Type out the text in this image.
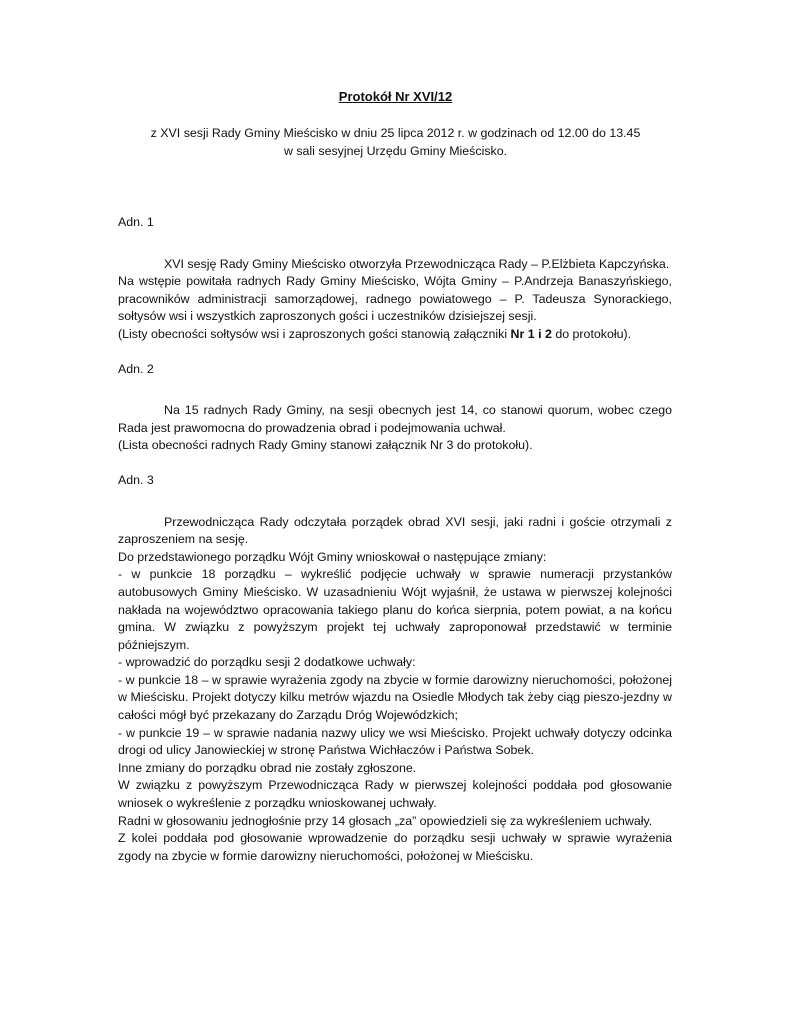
Protokół Nr XVI/12

z XVI sesji Rady Gminy Mieścisko w dniu 25 lipca 2012 r. w godzinach od 12.00 do 13.45
w sali sesyjnej Urzędu Gminy Mieścisko.

Adn. 1

XVI sesję Rady Gminy Mieścisko otworzyła Przewodnicząca Rady – P.Elżbieta Kapczyńska.

Na wstępie powitała radnych Rady Gminy Mieścisko, Wójta Gminy – P.Andrzeja Banaszyńskiego, pracowników administracji samorządowej, radnego powiatowego – P. Tadeusza Synorackiego, sołtysów wsi i wszystkich zaproszonych gości i uczestników dzisiejszej sesji.

(Listy obecności sołtysów wsi i zaproszonych gości stanowią załączniki Nr 1 i 2 do protokołu).

Adn. 2

Na 15 radnych Rady Gminy, na sesji obecnych jest 14, co stanowi quorum, wobec czego Rada jest prawomocna do prowadzenia obrad i podejmowania uchwał.

(Lista obecności radnych Rady Gminy stanowi załącznik Nr 3 do protokołu).

Adn. 3

Przewodnicząca Rady odczytała porządek obrad XVI sesji, jaki radni i goście otrzymali z zaproszeniem na sesję.

Do przedstawionego porządku Wójt Gminy wnioskował o następujące zmiany:

- w punkcie 18 porządku – wykreślić podjęcie uchwały w sprawie numeracji przystanków autobusowych Gminy Mieścisko. W uzasadnieniu Wójt wyjaśnił, że ustawa w pierwszej kolejności nakłada na województwo opracowania takiego planu do końca sierpnia, potem powiat, a na końcu gmina. W związku z powyższym projekt tej uchwały zaproponował przedstawić w terminie późniejszym.

- wprowadzić do porządku sesji 2 dodatkowe uchwały:

- w punkcie 18 – w sprawie wyrażenia zgody na zbycie w formie darowizny nieruchomości, położonej w Mieścisku. Projekt dotyczy kilku metrów wjazdu na Osiedle Młodych tak żeby ciąg pieszo-jezdny w całości mógł być przekazany do Zarządu Dróg Wojewódzkich;

- w punkcie 19 – w sprawie nadania nazwy ulicy we wsi Mieścisko. Projekt uchwały dotyczy odcinka drogi od ulicy Janowieckiej w stronę Państwa Wichłaczów i Państwa Sobek.

Inne zmiany do porządku obrad nie zostały zgłoszone.

W związku z powyższym Przewodnicząca Rady w pierwszej kolejności poddała pod głosowanie wniosek o wykreślenie z porządku wnioskowanej uchwały.

Radni w głosowaniu jednogłośnie przy 14 głosach „za” opowiedzieli się za wykreśleniem uchwały.

Z kolei poddała pod głosowanie wprowadzenie do porządku sesji uchwały w sprawie wyrażenia zgody na zbycie w formie darowizny nieruchomości, położonej w Mieścisku.
